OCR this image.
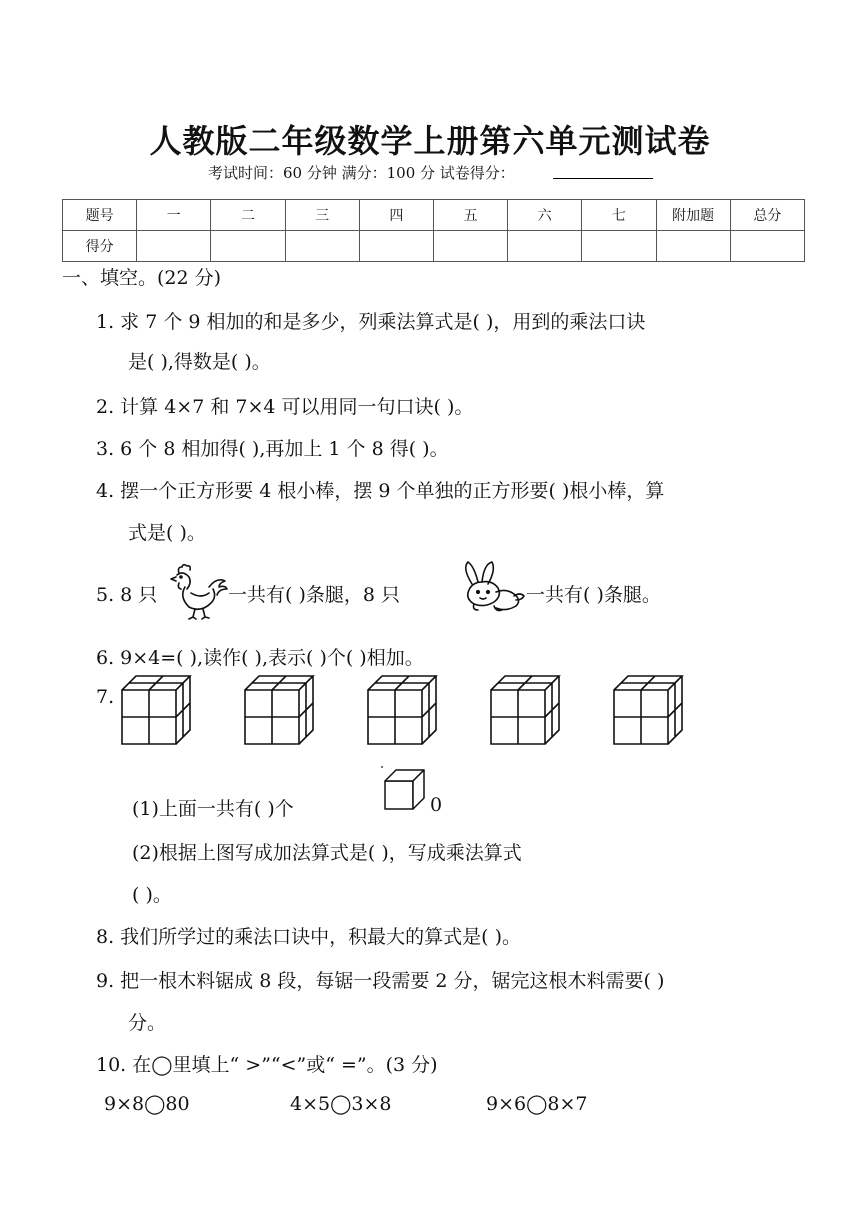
人教版二年级数学上册第六单元测试卷
考试时间：60 分钟 满分：100 分 试卷得分：
题号	一	二	三	四	五	六	七	附加题	总分
得分									
一、填空。(22 分)
1. 求 7 个 9 相加的和是多少，列乘法算式是( )，用到的乘法口诀
是( ),得数是( )。
2. 计算 4×7 和 7×4 可以用同一句口诀( )。
3. 6 个 8 相加得( ),再加上 1 个 8 得( )。
4. 摆一个正方形要 4 根小棒，摆 9 个单独的正方形要( )根小棒，算
式是( )。
5. 8 只	一共有( )条腿，8 只	一共有( )条腿。
6. 9×4=( ),读作( ),表示( )个( )相加。
7.
(1)上面一共有( )个	0
(2)根据上图写成加法算式是( )，写成乘法算式
( )。
8. 我们所学过的乘法口诀中，积最大的算式是( )。
9. 把一根木料锯成 8 段，每锯一段需要 2 分，锯完这根木料需要( )
分。
10. 在◯里填上“ >”“<”或“ =”。(3 分)
9×8◯80	4×5◯3×8	9×6◯8×7
